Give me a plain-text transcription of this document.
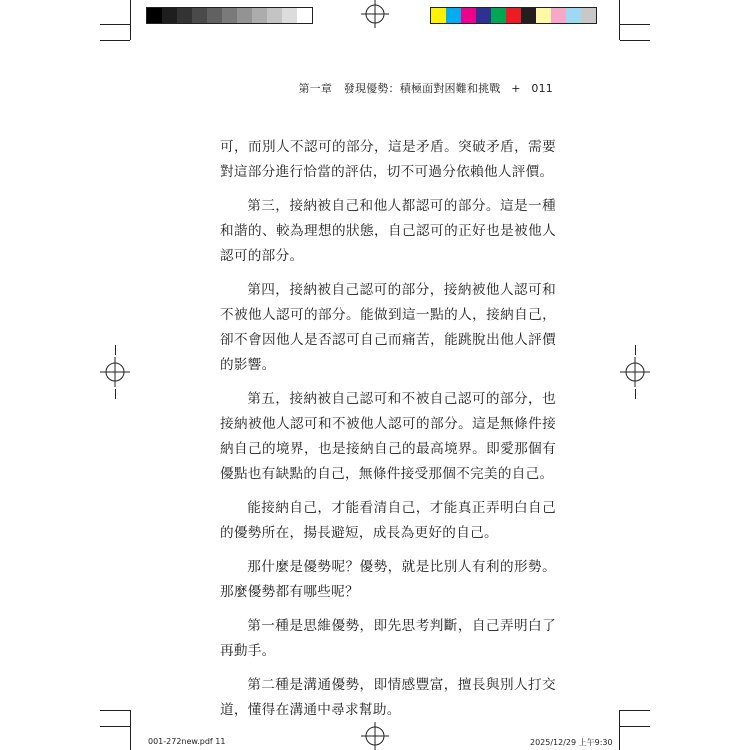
第一章 發現優勢：積極面對困難和挑戰 + 011

可，而別人不認可的部分，這是矛盾。突破矛盾，需要對這部分進行恰當的評估，切不可過分依賴他人評價。

第三，接納被自己和他人都認可的部分。這是一種和諧的、較為理想的狀態，自己認可的正好也是被他人認可的部分。

第四，接納被自己認可的部分，接納被他人認可和不被他人認可的部分。能做到這一點的人，接納自己，卻不會因他人是否認可自己而痛苦，能跳脫出他人評價的影響。

第五，接納被自己認可和不被自己認可的部分，也接納被他人認可和不被他人認可的部分。這是無條件接納自己的境界，也是接納自己的最高境界。即愛那個有優點也有缺點的自己，無條件接受那個不完美的自己。

能接納自己，才能看清自己，才能真正弄明白自己的優勢所在，揚長避短，成長為更好的自己。

那什麼是優勢呢？優勢，就是比別人有利的形勢。那麼優勢都有哪些呢？

第一種是思維優勢，即先思考判斷，自己弄明白了再動手。

第二種是溝通優勢，即情感豐富，擅長與別人打交道，懂得在溝通中尋求幫助。

001-272new.pdf 11	2025/12/29 上午9:30
